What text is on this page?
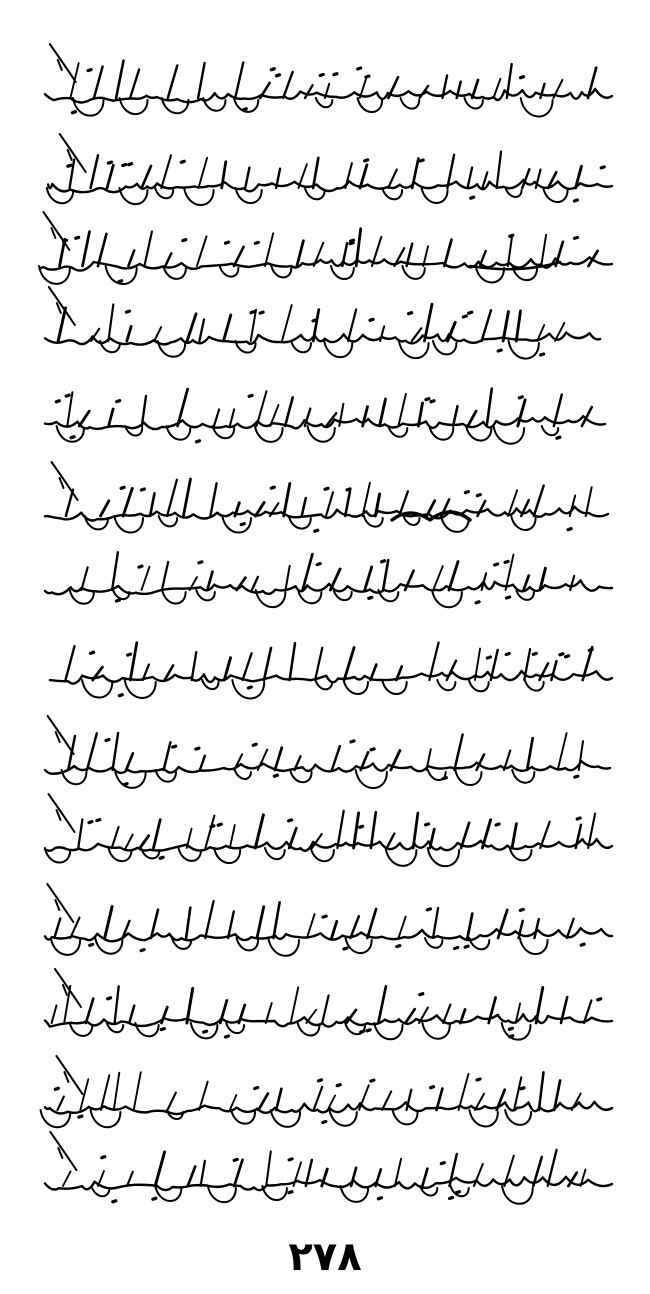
٢٧٨
